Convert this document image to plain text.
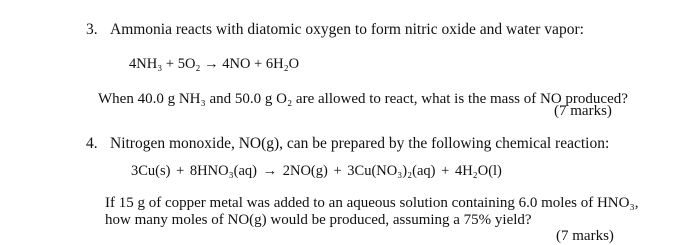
3. Ammonia reacts with diatomic oxygen to form nitric oxide and water vapor:
4NH₃ + 5O₂ → 4NO + 6H₂O
When 40.0 g NH₃ and 50.0 g O₂ are allowed to react, what is the mass of NO produced?
(7 marks)
4. Nitrogen monoxide, NO(g), can be prepared by the following chemical reaction:
3Cu(s) + 8HNO₃(aq) → 2NO(g) + 3Cu(NO₃)₂(aq) + 4H₂O(l)
If 15 g of copper metal was added to an aqueous solution containing 6.0 moles of HNO₃,
how many moles of NO(g) would be produced, assuming a 75% yield?
(7 marks)
